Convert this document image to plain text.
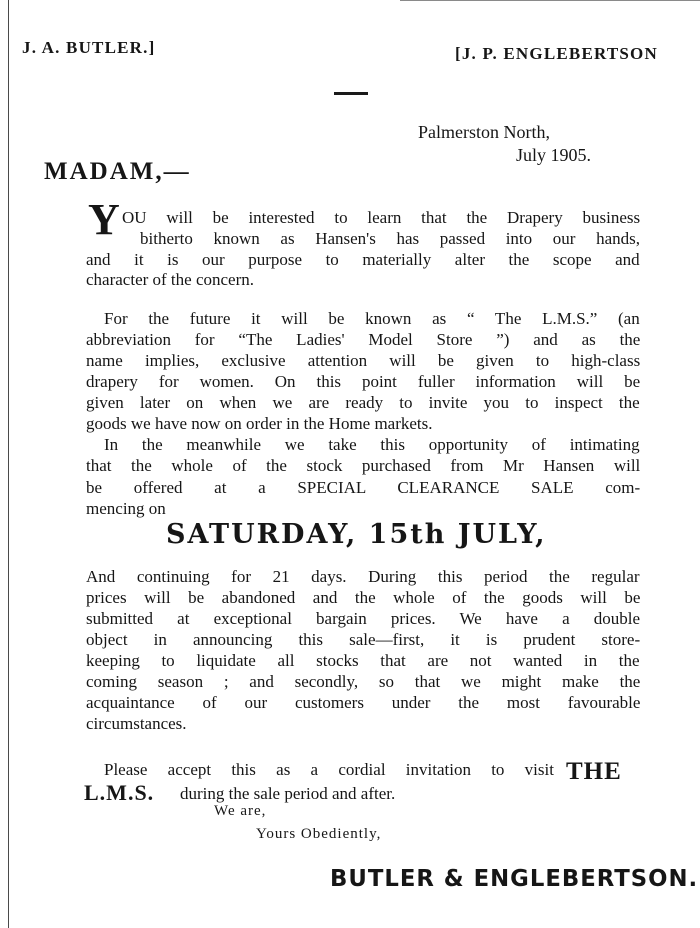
J. A. BUTLER.]	[J. P. ENGLEBERTSON
Palmerston North,
July 1905.
MADAM,—
Y OU will be interested to learn that the Drapery business
bitherto known as Hansen's has passed into our hands,
and it is our purpose to materially alter the scope and
character of the concern.
For the future it will be known as “ The L.M.S.” (an
abbreviation for “The Ladies' Model Store ”) and as the
name implies, exclusive attention will be given to high-class
drapery for women. On this point fuller information will be
given later on when we are ready to invite you to inspect the
goods we have now on order in the Home markets.
In the meanwhile we take this opportunity of intimating
that the whole of the stock purchased from Mr Hansen will
be offered at a SPECIAL CLEARANCE SALE com-
mencing on
SATURDAY, 15th JULY,
And continuing for 21 days. During this period the regular
prices will be abandoned and the whole of the goods will be
submitted at exceptional bargain prices. We have a double
object in announcing this sale—first, it is prudent store-
keeping to liquidate all stocks that are not wanted in the
coming season ; and secondly, so that we might make the
acquaintance of our customers under the most favourable
circumstances.
Please accept this as a cordial invitation to visit THE
L.M.S. during the sale period and after.
We are,
Yours Obediently,
BUTLER & ENGLEBERTSON.
